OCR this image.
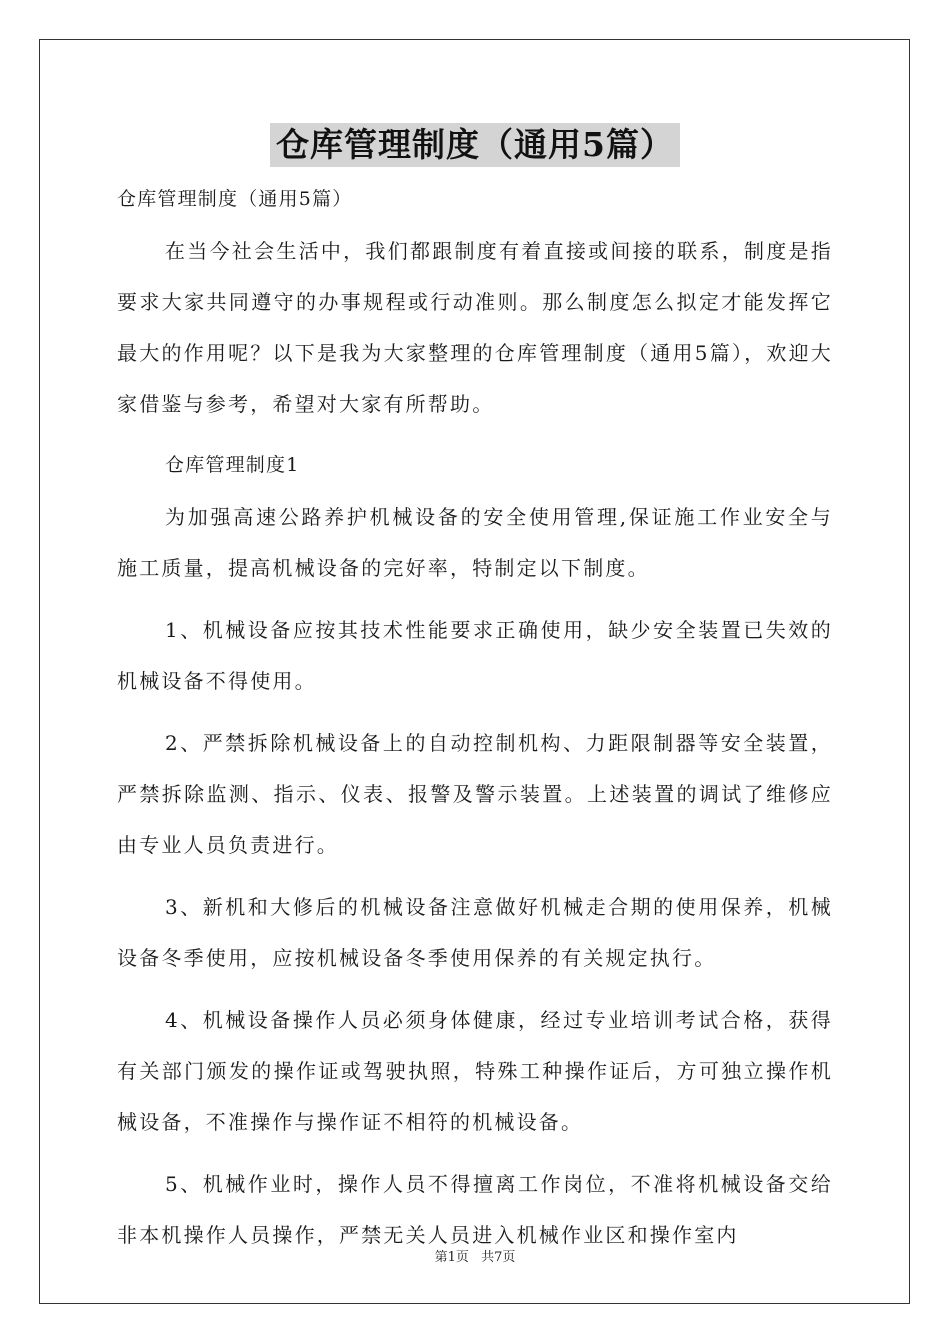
仓库管理制度（通用5篇）

仓库管理制度（通用5篇）

在当今社会生活中，我们都跟制度有着直接或间接的联系，制度是指要求大家共同遵守的办事规程或行动准则。那么制度怎么拟定才能发挥它最大的作用呢？以下是我为大家整理的仓库管理制度（通用5篇），欢迎大家借鉴与参考，希望对大家有所帮助。

仓库管理制度1

为加强高速公路养护机械设备的安全使用管理,保证施工作业安全与施工质量，提高机械设备的完好率，特制定以下制度。

1、机械设备应按其技术性能要求正确使用，缺少安全装置已失效的机械设备不得使用。

2、严禁拆除机械设备上的自动控制机构、力距限制器等安全装置，严禁拆除监测、指示、仪表、报警及警示装置。上述装置的调试了维修应由专业人员负责进行。

3、新机和大修后的机械设备注意做好机械走合期的使用保养，机械设备冬季使用，应按机械设备冬季使用保养的有关规定执行。

4、机械设备操作人员必须身体健康，经过专业培训考试合格，获得有关部门颁发的操作证或驾驶执照，特殊工种操作证后，方可独立操作机械设备，不准操作与操作证不相符的机械设备。

5、机械作业时，操作人员不得擅离工作岗位，不准将机械设备交给非本机操作人员操作，严禁无关人员进入机械作业区和操作室内

第1页 共7页
